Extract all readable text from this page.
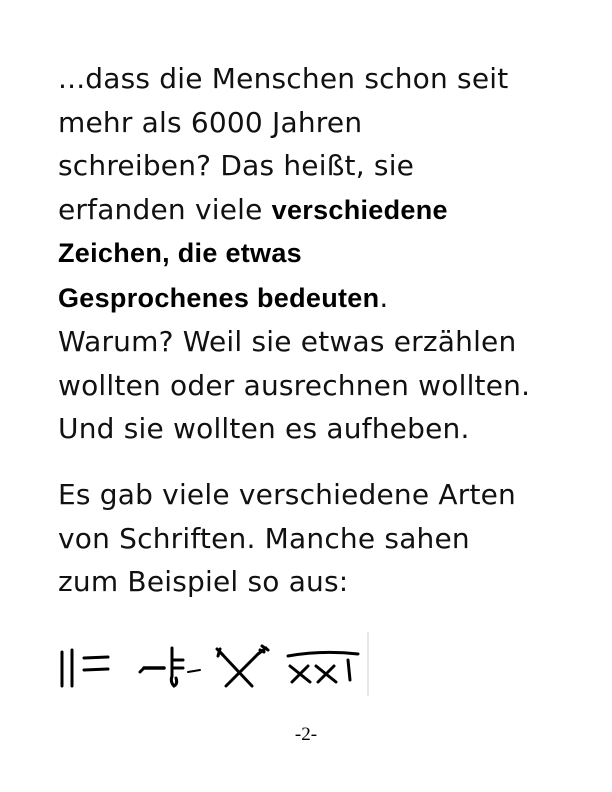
...dass die Menschen schon seit
mehr als 6000 Jahren
schreiben? Das heißt, sie
erfanden viele verschiedene
Zeichen, die etwas
Gesprochenes bedeuten.
Warum? Weil sie etwas erzählen
wollten oder ausrechnen wollten.
Und sie wollten es aufheben.
Es gab viele verschiedene Arten
von Schriften. Manche sahen
zum Beispiel so aus:
-2-
